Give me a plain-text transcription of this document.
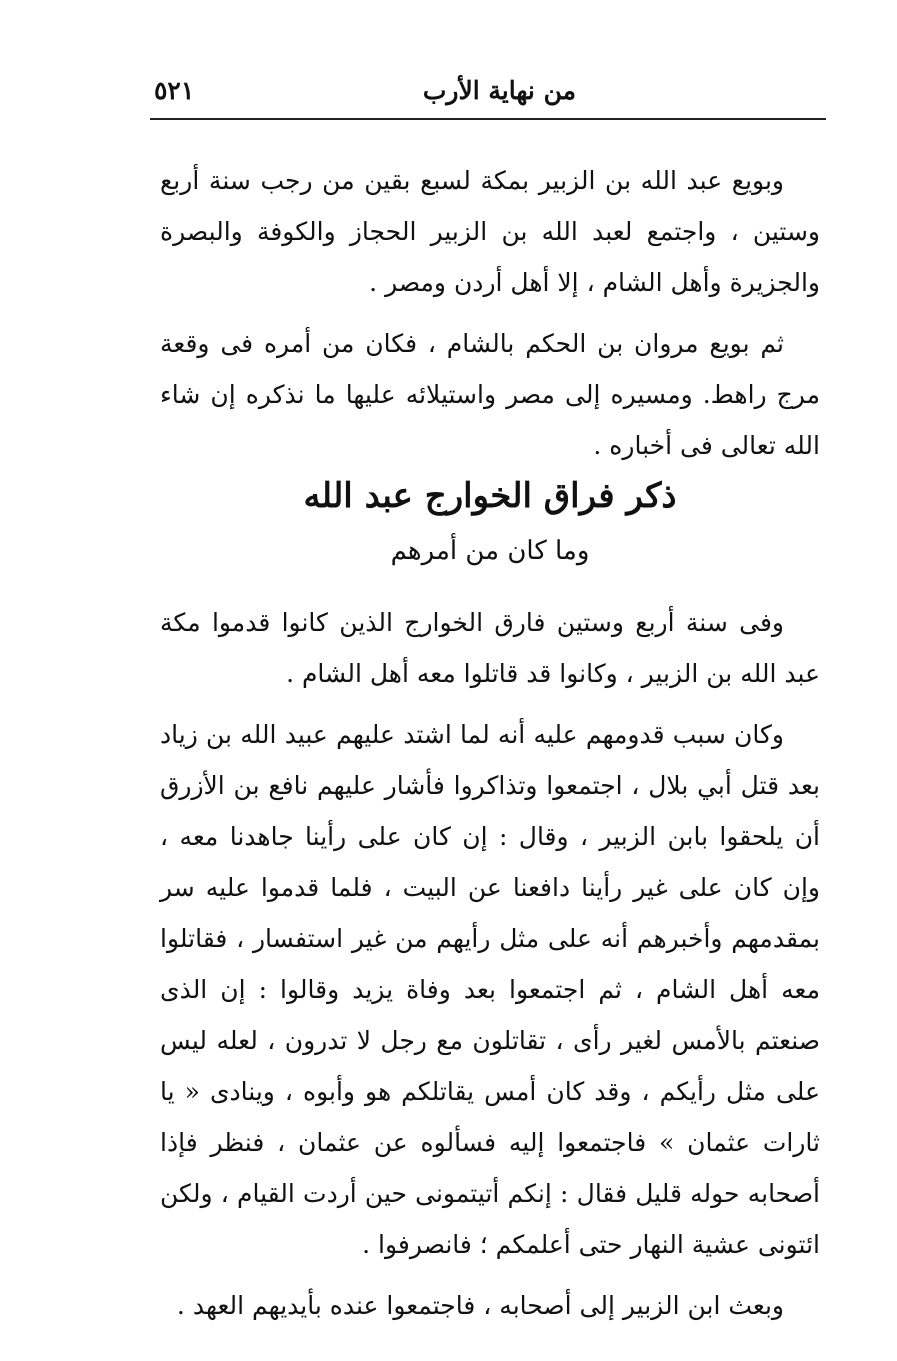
من نهاية الأرب
٥٢١

وبويع عبد الله بن الزبير بمكة لسبع بقين من رجب سنة أربع وستين ، واجتمع لعبد الله بن الزبير الحجاز والكوفة والبصرة والجزيرة وأهل الشام ، إلا أهل أردن ومصر .

ثم بويع مروان بن الحكم بالشام ، فكان من أمره فى وقعة مرج راهط. ومسيره إلى مصر واستيلائه عليها ما نذكره إن شاء الله تعالى فى أخباره .

ذكر فراق الخوارج عبد الله
وما كان من أمرهم

وفى سنة أربع وستين فارق الخوارج الذين كانوا قدموا مكة عبد الله بن الزبير ، وكانوا قد قاتلوا معه أهل الشام .

وكان سبب قدومهم عليه أنه لما اشتد عليهم عبيد الله بن زياد بعد قتل أبي بلال ، اجتمعوا وتذاكروا فأشار عليهم نافع بن الأزرق أن يلحقوا بابن الزبير ، وقال : إن كان على رأينا جاهدنا معه ، وإن كان على غير رأينا دافعنا عن البيت ، فلما قدموا عليه سر بمقدمهم وأخبرهم أنه على مثل رأيهم من غير استفسار ، فقاتلوا معه أهل الشام ، ثم اجتمعوا بعد وفاة يزيد وقالوا : إن الذى صنعتم بالأمس لغير رأى ، تقاتلون مع رجل لا تدرون ، لعله ليس على مثل رأيكم ، وقد كان أمس يقاتلكم هو وأبوه ، وينادى « يا ثارات عثمان » فاجتمعوا إليه فسألوه عن عثمان ، فنظر فإذا أصحابه حوله قليل فقال : إنكم أتيتمونى حين أردت القيام ، ولكن ائتونى عشية النهار حتى أعلمكم ؛ فانصرفوا .

وبعث ابن الزبير إلى أصحابه ، فاجتمعوا عنده بأيديهم العهد .
